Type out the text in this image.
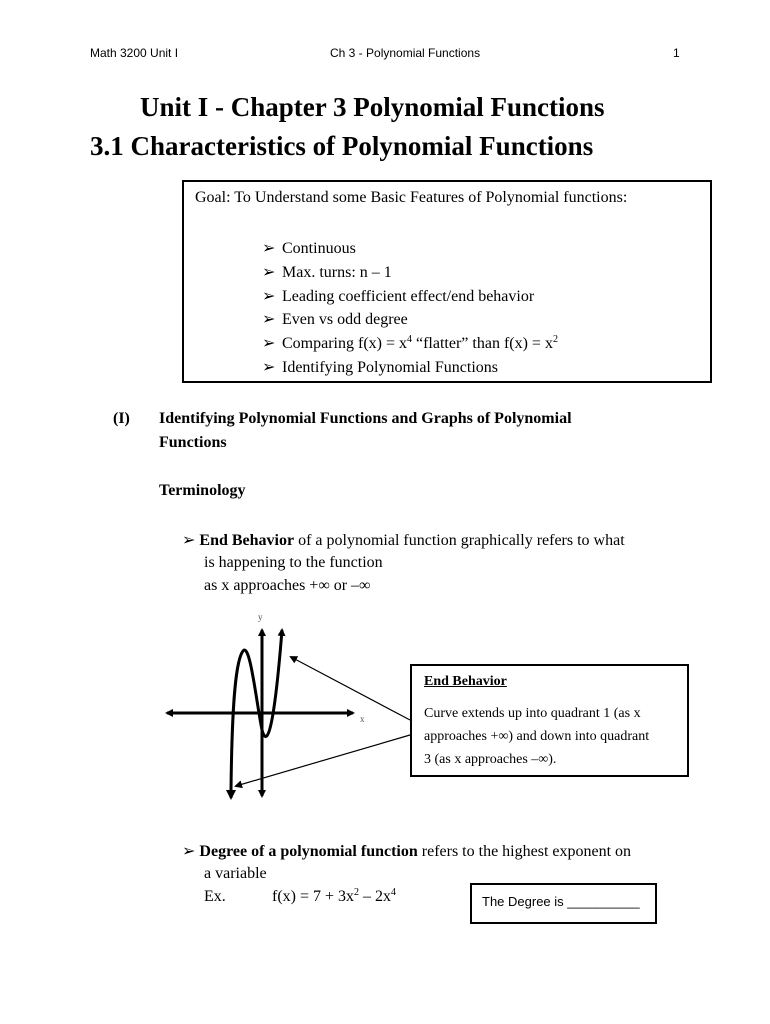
Math 3200 Unit I	Ch 3 - Polynomial Functions	1
Unit I - Chapter 3 Polynomial Functions
3.1 Characteristics of Polynomial Functions
Goal: To Understand some Basic Features of Polynomial functions:
➢ Continuous
➢ Max. turns: n – 1
➢ Leading coefficient effect/end behavior
➢ Even vs odd degree
➢ Comparing $f(x) = x^4$ “flatter” than $f(x) = x^2$
➢ Identifying Polynomial Functions
(I) Identifying Polynomial Functions and Graphs of Polynomial
Functions
Terminology
➢ End Behavior of a polynomial function graphically refers to what
is happening to the function
as x approaches +∞ or –∞
y
x
End Behavior
Curve extends up into quadrant 1 (as x
approaches +∞) and down into quadrant
3 (as x approaches –∞).
➢ Degree of a polynomial function refers to the highest exponent on
a variable
Ex.	$f(x) = 7 + 3x^2 - 2x^4$
The Degree is __________
